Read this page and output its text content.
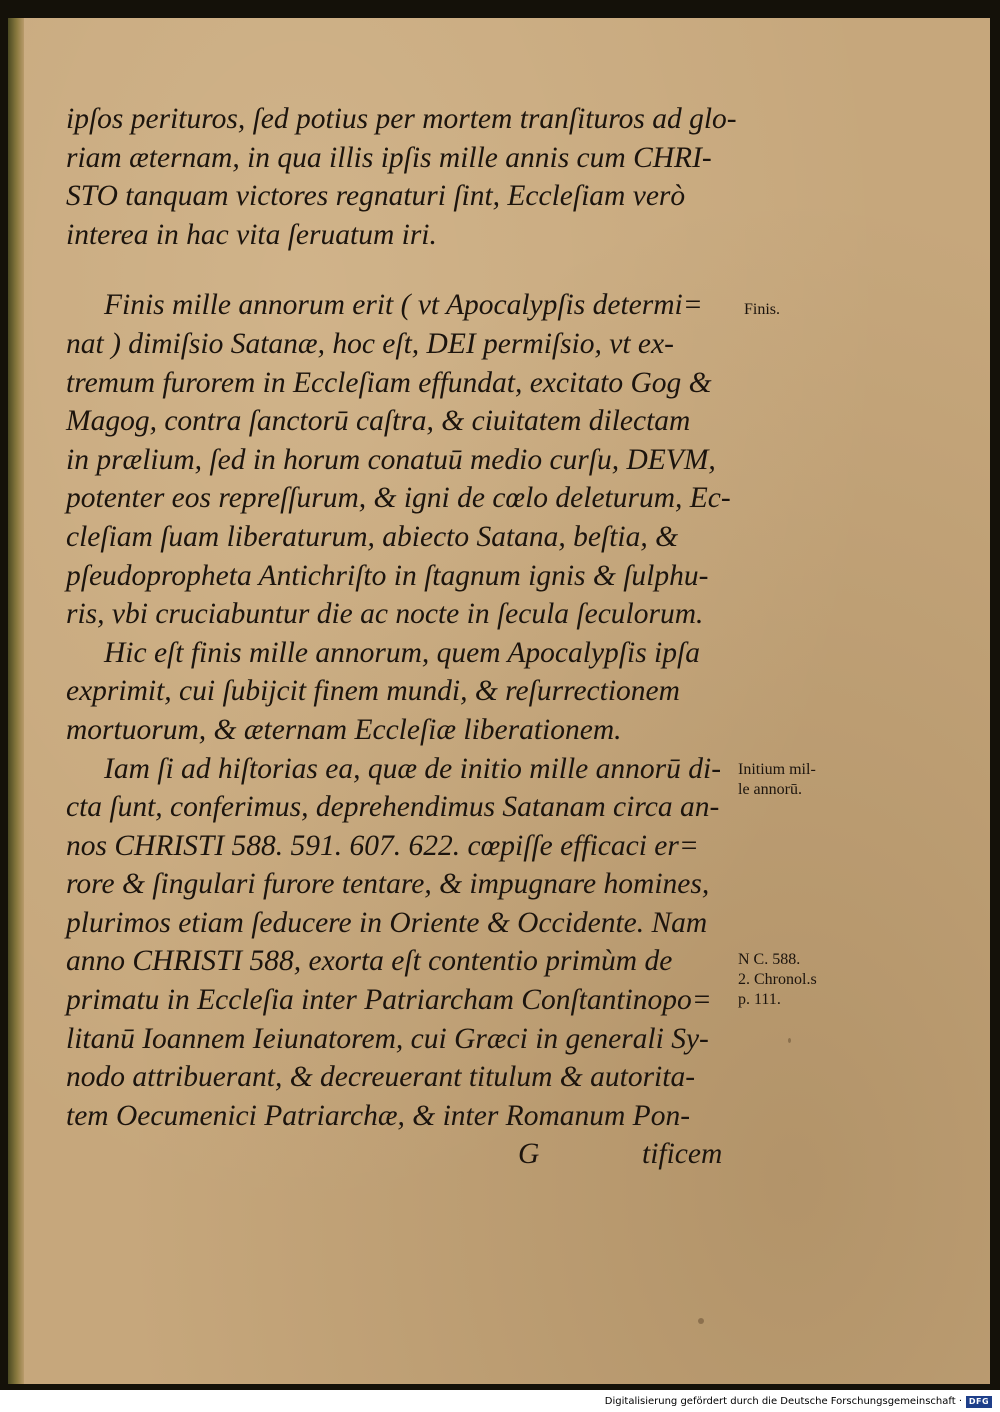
ipſos perituros, ſed potius per mortem tranſituros ad glo-
riam æternam, in qua illis ipſis mille annis cum CHRI-
STO tanquam victores regnaturi ſint, Eccleſiam verò
interea in hac vita ſeruatum iri.
Finis mille annorum erit ( vt Apocalypſis determi=
nat ) dimiſsio Satanæ, hoc eſt, DEI permiſsio, vt ex-
tremum furorem in Eccleſiam effundat, excitato Gog &
Magog, contra ſanctorū caſtra, & ciuitatem dilectam
in prælium, ſed in horum conatuū medio curſu, DEVM,
potenter eos repreſſurum, & igni de cœlo deleturum, Ec-
cleſiam ſuam liberaturum, abiecto Satana, beſtia, &
pſeudopropheta Antichriſto in ſtagnum ignis & ſulphu-
ris, vbi cruciabuntur die ac nocte in ſecula ſeculorum.
Hic eſt finis mille annorum, quem Apocalypſis ipſa
exprimit, cui ſubijcit finem mundi, & reſurrectionem
mortuorum, & æternam Eccleſiæ liberationem.
Iam ſi ad hiſtorias ea, quæ de initio mille annorū di-
cta ſunt, conferimus, deprehendimus Satanam circa an-
nos CHRISTI 588. 591. 607. 622. cœpiſſe efficaci er=
rore & ſingulari furore tentare, & impugnare homines,
plurimos etiam ſeducere in Oriente & Occidente. Nam
anno CHRISTI 588, exorta eſt contentio primùm de
primatu in Eccleſia inter Patriarcham Conſtantinopo=
litanū Ioannem Ieiunatorem, cui Græci in generali Sy-
nodo attribuerant, & decreuerant titulum & autorita-
tem Oecumenici Patriarchæ, & inter Romanum Pon-
G	tificem
Finis.
Initium mil-
le annorū.
N C. 588.
2. Chronol.s
p. 111.
Digitalisierung gefördert durch die Deutsche Forschungsgemeinschaft · DFG
